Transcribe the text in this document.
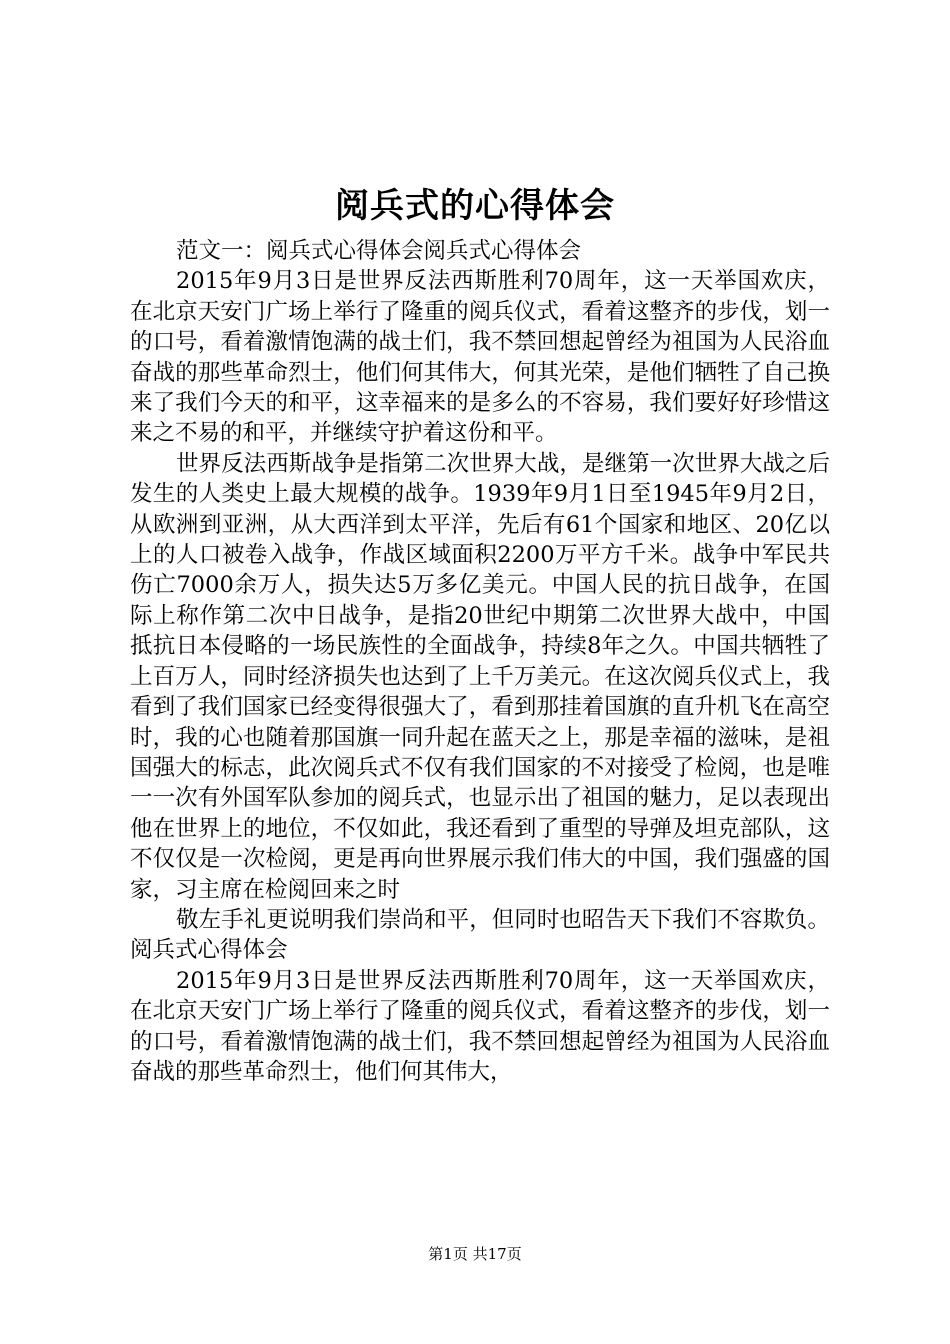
阅兵式的心得体会

范文一：阅兵式心得体会阅兵式心得体会

2015年9月3日是世界反法西斯胜利70周年，这一天举国欢庆，在北京天安门广场上举行了隆重的阅兵仪式，看着这整齐的步伐，划一的口号，看着激情饱满的战士们，我不禁回想起曾经为祖国为人民浴血奋战的那些革命烈士，他们何其伟大，何其光荣，是他们牺牲了自己换来了我们今天的和平，这幸福来的是多么的不容易，我们要好好珍惜这来之不易的和平，并继续守护着这份和平。

世界反法西斯战争是指第二次世界大战，是继第一次世界大战之后发生的人类史上最大规模的战争。1939年9月1日至1945年9月2日，从欧洲到亚洲，从大西洋到太平洋，先后有61个国家和地区、20亿以上的人口被卷入战争，作战区域面积2200万平方千米。战争中军民共伤亡7000余万人，损失达5万多亿美元。中国人民的抗日战争，在国际上称作第二次中日战争，是指20世纪中期第二次世界大战中，中国抵抗日本侵略的一场民族性的全面战争，持续8年之久。中国共牺牲了上百万人，同时经济损失也达到了上千万美元。在这次阅兵仪式上，我看到了我们国家已经变得很强大了，看到那挂着国旗的直升机飞在高空时，我的心也随着那国旗一同升起在蓝天之上，那是幸福的滋味，是祖国强大的标志，此次阅兵式不仅有我们国家的不对接受了检阅，也是唯一一次有外国军队参加的阅兵式，也显示出了祖国的魅力，足以表现出他在世界上的地位，不仅如此，我还看到了重型的导弹及坦克部队，这不仅仅是一次检阅，更是再向世界展示我们伟大的中国，我们强盛的国家，习主席在检阅回来之时

敬左手礼更说明我们崇尚和平，但同时也昭告天下我们不容欺负。阅兵式心得体会

2015年9月3日是世界反法西斯胜利70周年，这一天举国欢庆，在北京天安门广场上举行了隆重的阅兵仪式，看着这整齐的步伐，划一的口号，看着激情饱满的战士们，我不禁回想起曾经为祖国为人民浴血奋战的那些革命烈士，他们何其伟大，

第1页 共17页
